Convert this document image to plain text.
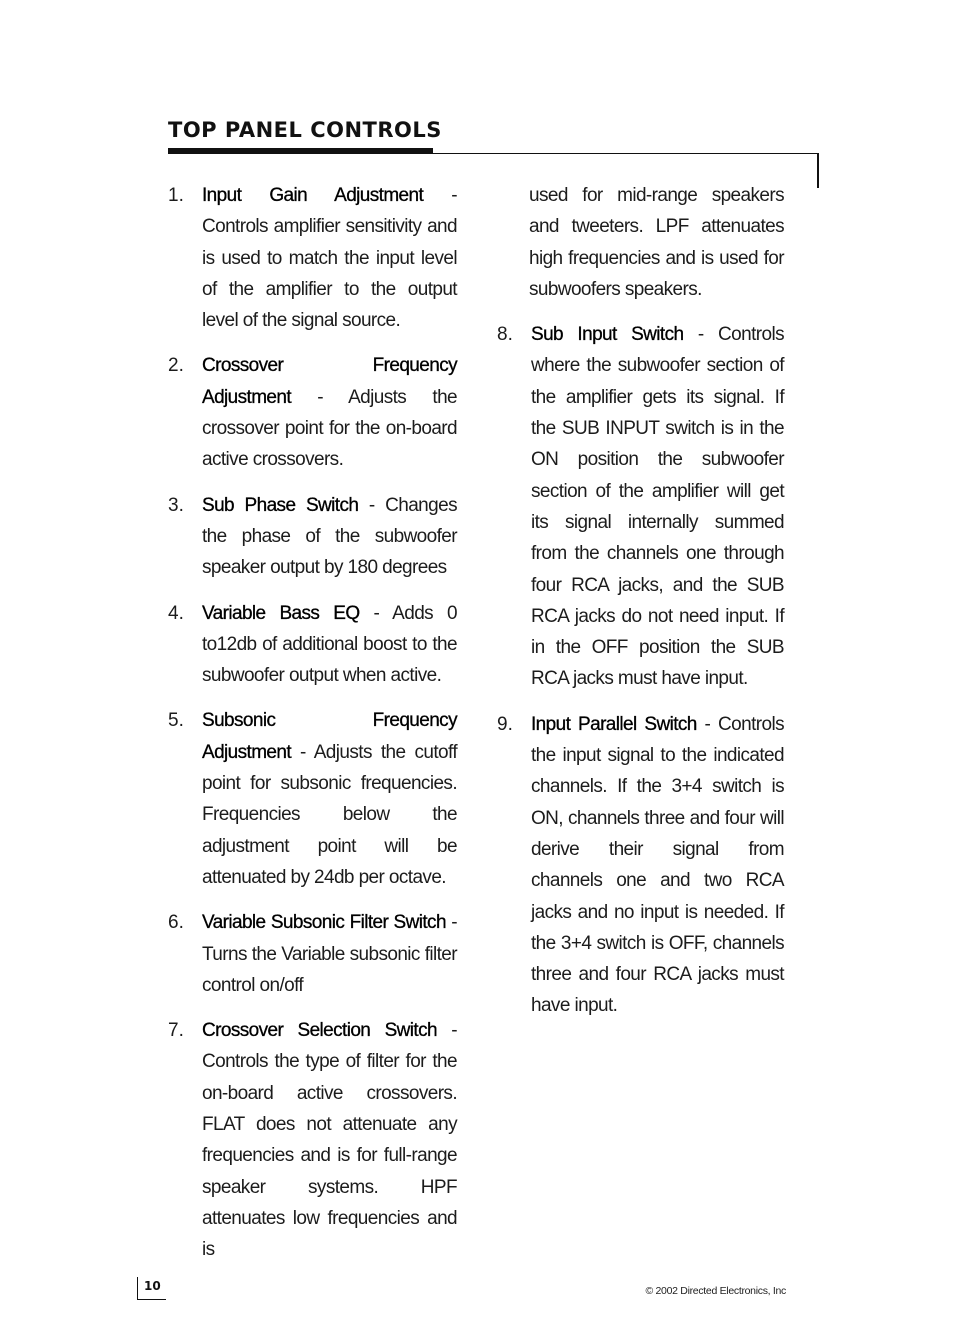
TOP PANEL CONTROLS
1. Input Gain Adjustment - Controls amplifier sensitivity and is used to match the input level of the amplifier to the output level of the signal source.
2. Crossover Frequency Adjustment - Adjusts the crossover point for the on-board active crossovers.
3. Sub Phase Switch - Changes the phase of the subwoofer speaker output by 180 degrees
4. Variable Bass EQ - Adds 0 to12db of additional boost to the subwoofer output when active.
5. Subsonic Frequency Adjustment - Adjusts the cutoff point for subsonic frequencies. Frequencies below the adjustment point will be attenuated by 24db per octave.
6. Variable Subsonic Filter Switch - Turns the Variable subsonic filter control on/off
7. Crossover Selection Switch - Controls the type of filter for the on-board active crossovers. FLAT does not attenuate any frequencies and is for full-range speaker systems. HPF attenuates low frequencies and is
used for mid-range speakers and tweeters. LPF attenuates high frequencies and is used for subwoofers speakers.
8. Sub Input Switch - Controls where the subwoofer section of the amplifier gets its signal. If the SUB INPUT switch is in the ON position the subwoofer section of the amplifier will get its signal internally summed from the channels one through four RCA jacks, and the SUB RCA jacks do not need input. If in the OFF position the SUB RCA jacks must have input.
9. Input Parallel Switch - Controls the input signal to the indicated channels. If the 3+4 switch is ON, channels three and four will derive their signal from channels one and two RCA jacks and no input is needed. If the 3+4 switch is OFF, channels three and four RCA jacks must have input.
10	© 2002 Directed Electronics, Inc
